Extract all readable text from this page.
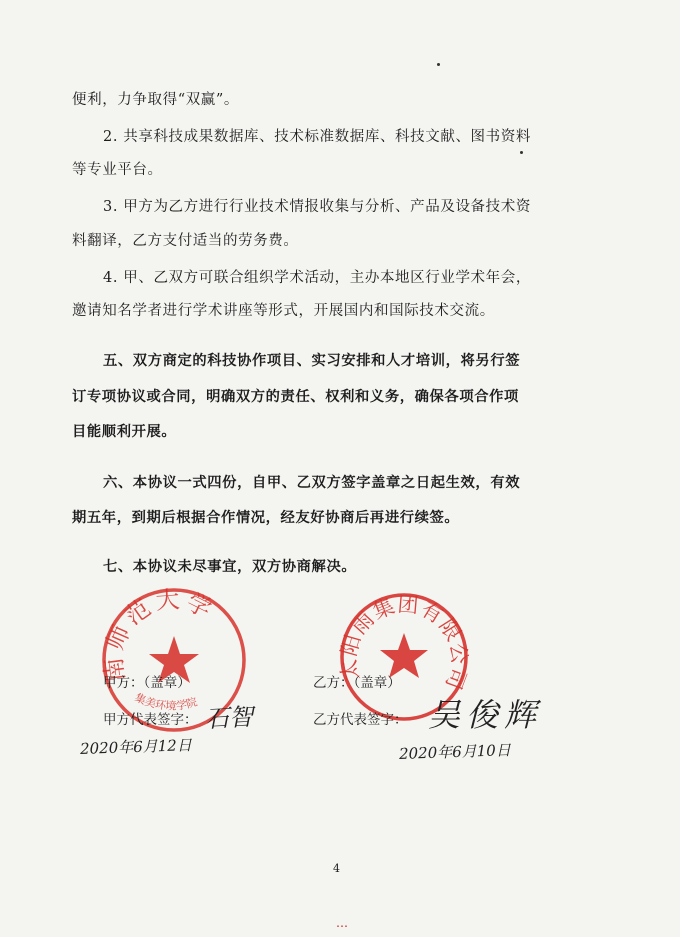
便利，力争取得“双赢”。
2. 共享科技成果数据库、技术标准数据库、科技文献、图书资料
等专业平台。
3. 甲方为乙方进行行业技术情报收集与分析、产品及设备技术资
料翻译，乙方支付适当的劳务费。
4. 甲、乙双方可联合组织学术活动，主办本地区行业学术年会，
邀请知名学者进行学术讲座等形式，开展国内和国际技术交流。
五、双方商定的科技协作项目、实习安排和人才培训，将另行签
订专项协议或合同，明确双方的责任、权利和义务，确保各项合作项
目能顺利开展。
六、本协议一式四份，自甲、乙双方签字盖章之日起生效，有效
期五年，到期后根据合作情况，经友好协商后再进行续签。
七、本协议未尽事宜，双方协商解决。
南师范大学
集美环境学院
太阳雨集团有限公司
甲方：（盖章）
甲方代表签字：
乙方：（盖章）
乙方代表签字：
石智	吴俊辉
2020年6月12日	2020年6月10日
4
…
